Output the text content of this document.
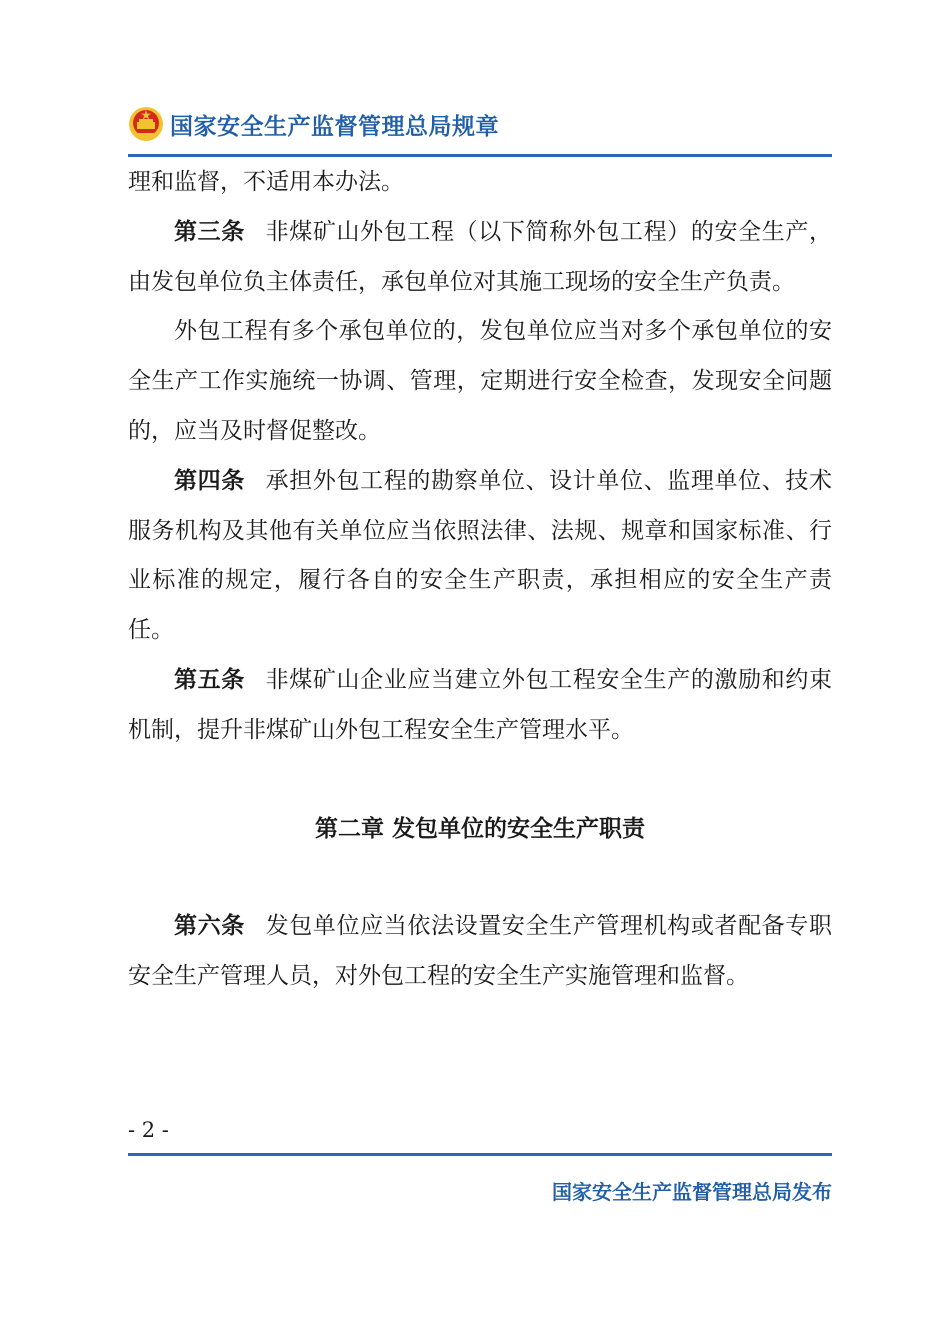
国家安全生产监督管理总局规章

理和监督，不适用本办法。

第三条 非煤矿山外包工程（以下简称外包工程）的安全生产，由发包单位负主体责任，承包单位对其施工现场的安全生产负责。

外包工程有多个承包单位的，发包单位应当对多个承包单位的安全生产工作实施统一协调、管理，定期进行安全检查，发现安全问题的，应当及时督促整改。

第四条 承担外包工程的勘察单位、设计单位、监理单位、技术服务机构及其他有关单位应当依照法律、法规、规章和国家标准、行业标准的规定，履行各自的安全生产职责，承担相应的安全生产责任。

第五条 非煤矿山企业应当建立外包工程安全生产的激励和约束机制，提升非煤矿山外包工程安全生产管理水平。

第二章 发包单位的安全生产职责

第六条 发包单位应当依法设置安全生产管理机构或者配备专职安全生产管理人员，对外包工程的安全生产实施管理和监督。

- 2 -
国家安全生产监督管理总局发布
